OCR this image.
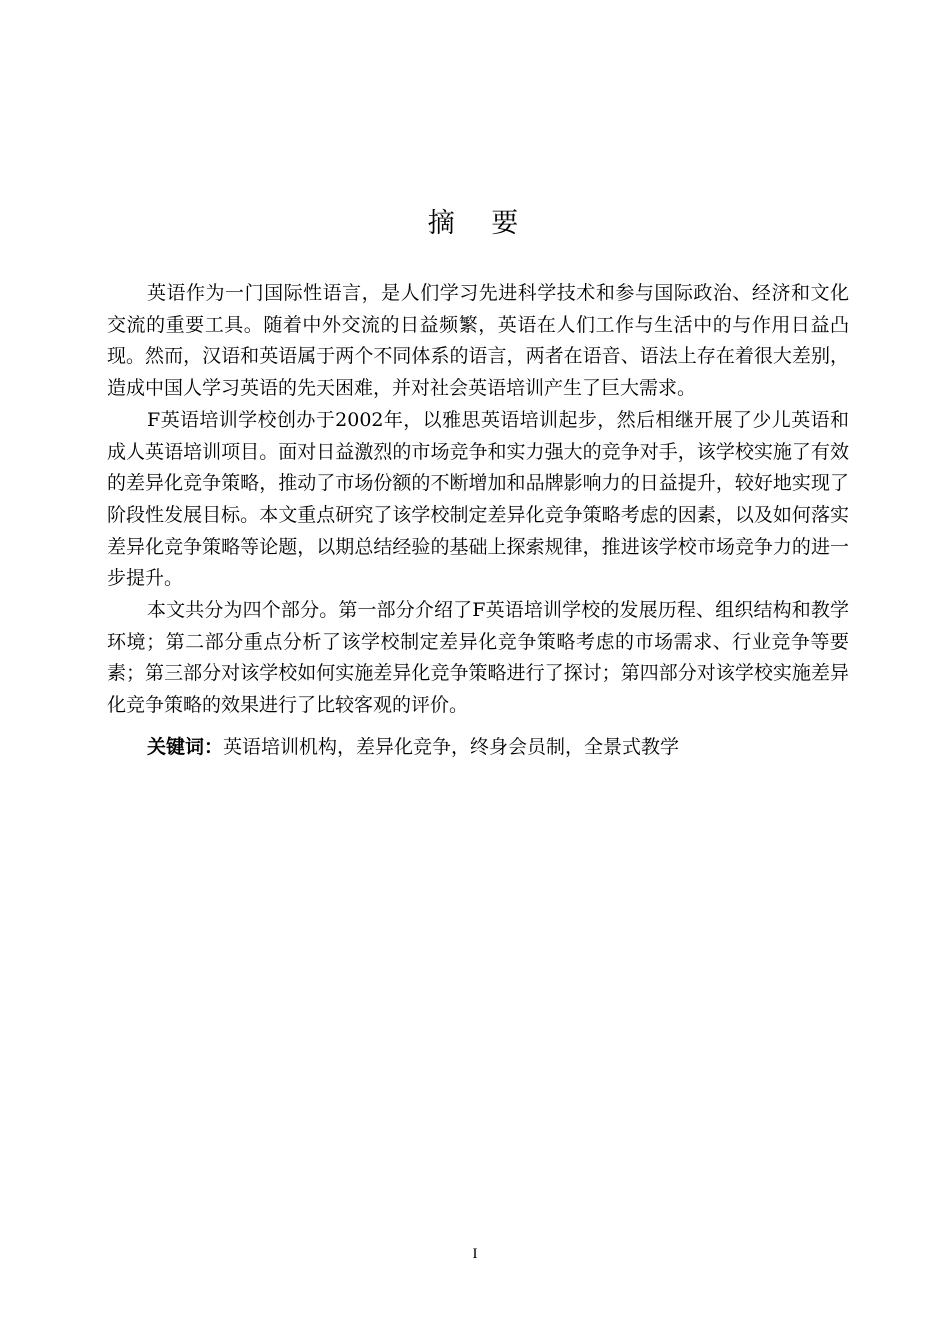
摘 要

英语作为一门国际性语言，是人们学习先进科学技术和参与国际政治、经济和文化交流的重要工具。随着中外交流的日益频繁，英语在人们工作与生活中的与作用日益凸现。然而，汉语和英语属于两个不同体系的语言，两者在语音、语法上存在着很大差别，造成中国人学习英语的先天困难，并对社会英语培训产生了巨大需求。

F英语培训学校创办于2002年，以雅思英语培训起步，然后相继开展了少儿英语和成人英语培训项目。面对日益激烈的市场竞争和实力强大的竞争对手，该学校实施了有效的差异化竞争策略，推动了市场份额的不断增加和品牌影响力的日益提升，较好地实现了阶段性发展目标。本文重点研究了该学校制定差异化竞争策略考虑的因素，以及如何落实差异化竞争策略等论题，以期总结经验的基础上探索规律，推进该学校市场竞争力的进一步提升。

本文共分为四个部分。第一部分介绍了F英语培训学校的发展历程、组织结构和教学环境；第二部分重点分析了该学校制定差异化竞争策略考虑的市场需求、行业竞争等要素；第三部分对该学校如何实施差异化竞争策略进行了探讨；第四部分对该学校实施差异化竞争策略的效果进行了比较客观的评价。

关键词：英语培训机构，差异化竞争，终身会员制，全景式教学
I
